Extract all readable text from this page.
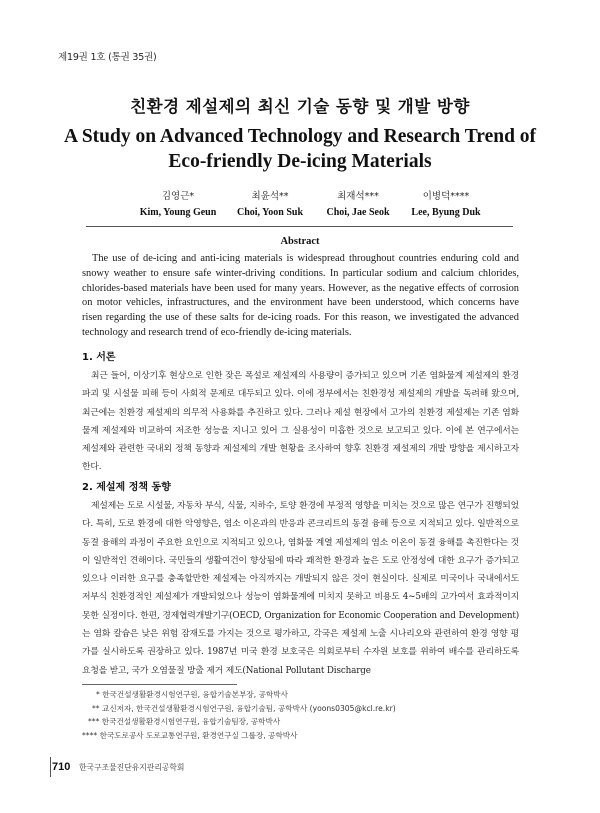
제19권 1호 (통권 35권)
친환경 제설제의 최신 기술 동향 및 개발 방향
A Study on Advanced Technology and Research Trend of
Eco-friendly De-icing Materials
김영근*
Kim, Young Geun
최윤석**
Choi, Yoon Suk
최재석***
Choi, Jae Seok
이병덕****
Lee, Byung Duk
Abstract

The use of de-icing and anti-icing materials is widespread throughout countries enduring cold and snowy weather to ensure safe winter-driving conditions. In particular sodium and calcium chlorides, chlorides-based materials have been used for many years. However, as the negative effects of corrosion on motor vehicles, infrastructures, and the environment have been understood, which concerns have risen regarding the use of these salts for de-icing roads. For this reason, we investigated the advanced technology and research trend of eco-friendly de-icing materials.

1. 서론

최근 들어, 이상기후 현상으로 인한 잦은 폭설로 제설제의 사용량이 증가되고 있으며 기존 염화물계 제설제의 환경 파괴 및 시설물 피해 등이 사회적 문제로 대두되고 있다. 이에 정부에서는 친환경성 제설제의 개발을 독려해 왔으며, 최근에는 친환경 제설제의 의무적 사용화를 추진하고 있다. 그러나 제설 현장에서 고가의 친환경 제설제는 기존 염화물계 제설제와 비교하여 저조한 성능을 지니고 있어 그 실용성이 미흡한 것으로 보고되고 있다. 이에 본 연구에서는 제설제와 관련한 국내외 정책 동향과 제설제의 개발 현황을 조사하여 향후 친환경 제설제의 개발 방향을 제시하고자 한다.

2. 제설제 정책 동향

제설제는 도로 시설물, 자동차 부식, 식물, 지하수, 토양 환경에 부정적 영향을 미치는 것으로 많은 연구가 진행되었다. 특히, 도로 환경에 대한 악영향은, 염소 이온과의 반응과 콘크리트의 동결 융해 등으로 지적되고 있다. 일반적으로 동결 융해의 과정이 주요한 요인으로 지적되고 있으나, 염화물 계열 제설제의 염소 이온이 동결 융해를 촉진한다는 것이 일반적인 견해이다. 국민들의 생활여건이 향상됨에 따라 쾌적한 환경과 높은 도로 안정성에 대한 요구가 증가되고 있으나 이러한 요구를 충족할만한 제설제는 아직까지는 개발되지 않은 것이 현실이다. 실제로 미국이나 국내에서도 저부식 친환경적인 제설제가 개발되었으나 성능이 염화물계에 미치지 못하고 비용도 4~5배의 고가여서 효과적이지 못한 실정이다. 한편, 경제협력개발기구(OECD, Organization for Economic Cooperation and Development)는 염화 칼슘은 낮은 위험 잠재도를 가지는 것으로 평가하고, 각국은 제설제 노출 시나리오와 관련하여 환경 영향 평가를 실시하도록 권장하고 있다. 1987년 미국 환경 보호국은 의회로부터 수자원 보호를 위하여 배수를 관리하도록 요청을 받고, 국가 오염물질 방출 제거 제도(National Pollutant Discharge

* 한국건설생활환경시험연구원, 융합기술본부장, 공학박사
** 교신저자, 한국건설생활환경시험연구원, 융합기술팀, 공학박사 (yoons0305@kcl.re.kr)
*** 한국건설생활환경시험연구원, 융합기술팀장, 공학박사
**** 한국도로공사 도로교통연구원, 환경연구실 그룹장, 공학박사
710 한국구조물진단유지관리공학회
